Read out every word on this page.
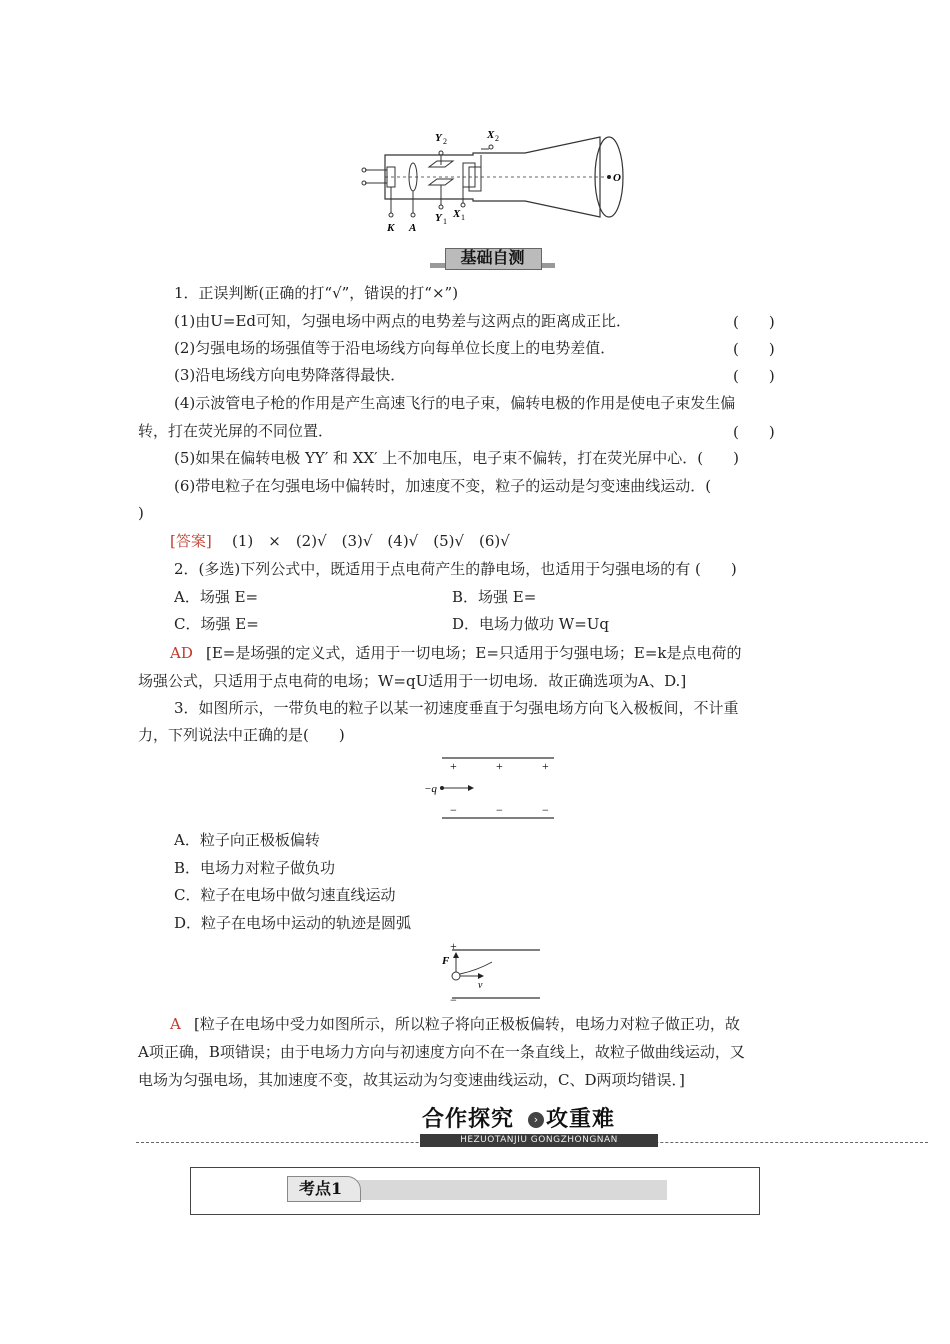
Y 2
X 2
Y 1
X 1
K A
O
基础自测
1．正误判断(正确的打“√”，错误的打“×”)
(1)由U=Ed可知，匀强电场中两点的电势差与这两点的距离成正比．	(　　)
(2)匀强电场的场强值等于沿电场线方向每单位长度上的电势差值．	(　　)
(3)沿电场线方向电势降落得最快．	(　　)
(4)示波管电子枪的作用是产生高速飞行的电子束，偏转电极的作用是使电子束发生偏
转，打在荧光屏的不同位置．	(　　)
(5)如果在偏转电极 YY′ 和 XX′ 上不加电压，电子束不偏转，打在荧光屏中心．(　　)
(6)带电粒子在匀强电场中偏转时，加速度不变，粒子的运动是匀变速曲线运动．(
)
[答案] (1)　×　(2)√　(3)√　(4)√　(5)√　(6)√
2．(多选)下列公式中，既适用于点电荷产生的静电场，也适用于匀强电场的有 (　　)
A．场强 E=	B．场强 E=
C．场强 E=	D．电场力做功 W=Uq
AD [E=是场强的定义式，适用于一切电场；E=只适用于匀强电场；E=k是点电荷的
场强公式，只适用于点电荷的电场；W=qU适用于一切电场．故正确选项为A、D.]
3．如图所示，一带负电的粒子以某一初速度垂直于匀强电场方向飞入极板间，不计重
力，下列说法中正确的是(　　)
+	+	+
−q
−	−	−
A．粒子向正极板偏转
B．电场力对粒子做负功
C．粒子在电场中做匀速直线运动
D．粒子在电场中运动的轨迹是圆弧
+
F
v
−
A [粒子在电场中受力如图所示，所以粒子将向正极板偏转，电场力对粒子做正功，故
A项正确，B项错误；由于电场力方向与初速度方向不在一条直线上，故粒子做曲线运动，又
电场为匀强电场，其加速度不变，故其运动为匀变速曲线运动，C、D两项均错误．]
合作探究	› 攻重难
HEZUOTANJIU GONGZHONGNAN
考点1
